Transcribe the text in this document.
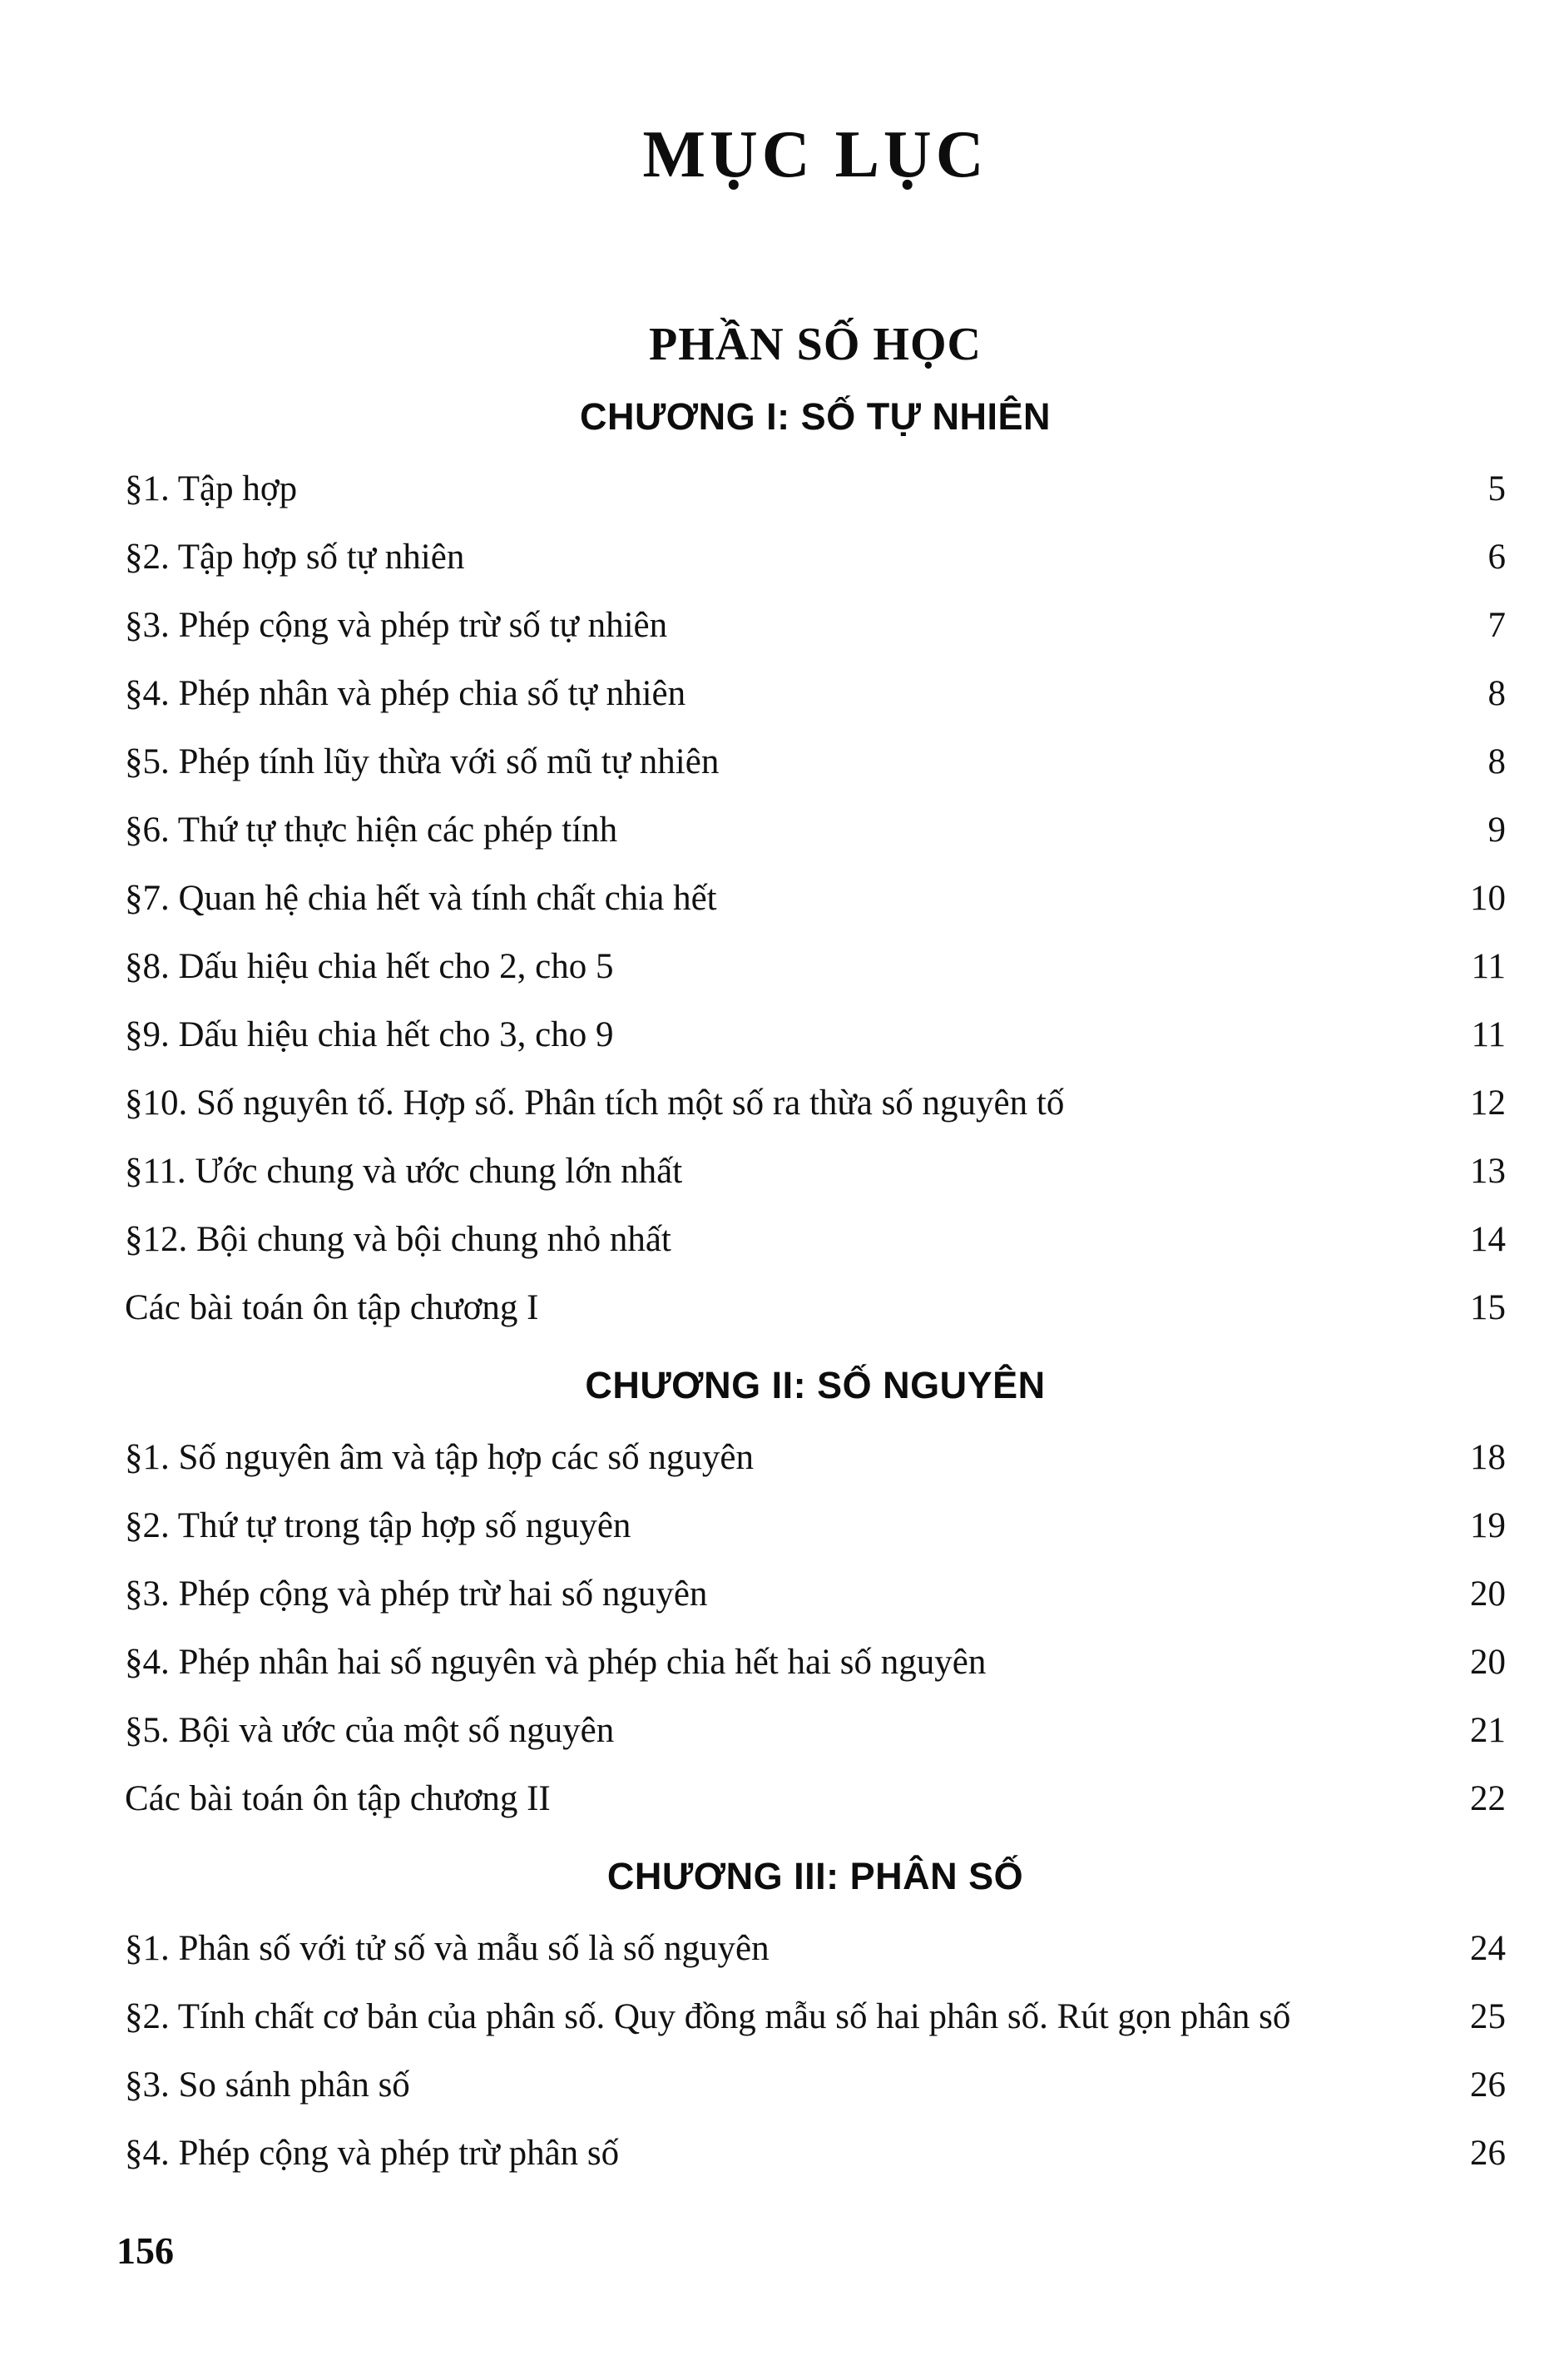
MỤC LỤC
PHẦN SỐ HỌC
CHƯƠNG I: SỐ TỰ NHIÊN
§1. Tập hợp	5
§2. Tập hợp số tự nhiên	6
§3. Phép cộng và phép trừ số tự nhiên	7
§4. Phép nhân và phép chia số tự nhiên	8
§5. Phép tính lũy thừa với số mũ tự nhiên	8
§6. Thứ tự thực hiện các phép tính	9
§7. Quan hệ chia hết và tính chất chia hết	10
§8. Dấu hiệu chia hết cho 2, cho 5	11
§9. Dấu hiệu chia hết cho 3, cho 9	11
§10. Số nguyên tố. Hợp số. Phân tích một số ra thừa số nguyên tố	12
§11. Ước chung và ước chung lớn nhất	13
§12. Bội chung và bội chung nhỏ nhất	14
Các bài toán ôn tập chương I	15
CHƯƠNG II: SỐ NGUYÊN
§1. Số nguyên âm và tập hợp các số nguyên	18
§2. Thứ tự trong tập hợp số nguyên	19
§3. Phép cộng và phép trừ hai số nguyên	20
§4. Phép nhân hai số nguyên và phép chia hết hai số nguyên	20
§5. Bội và ước của một số nguyên	21
Các bài toán ôn tập chương II	22
CHƯƠNG III: PHÂN SỐ
§1. Phân số với tử số và mẫu số là số nguyên	24
§2. Tính chất cơ bản của phân số. Quy đồng mẫu số hai phân số. Rút gọn phân số	25
§3. So sánh phân số	26
§4. Phép cộng và phép trừ phân số	26
156
